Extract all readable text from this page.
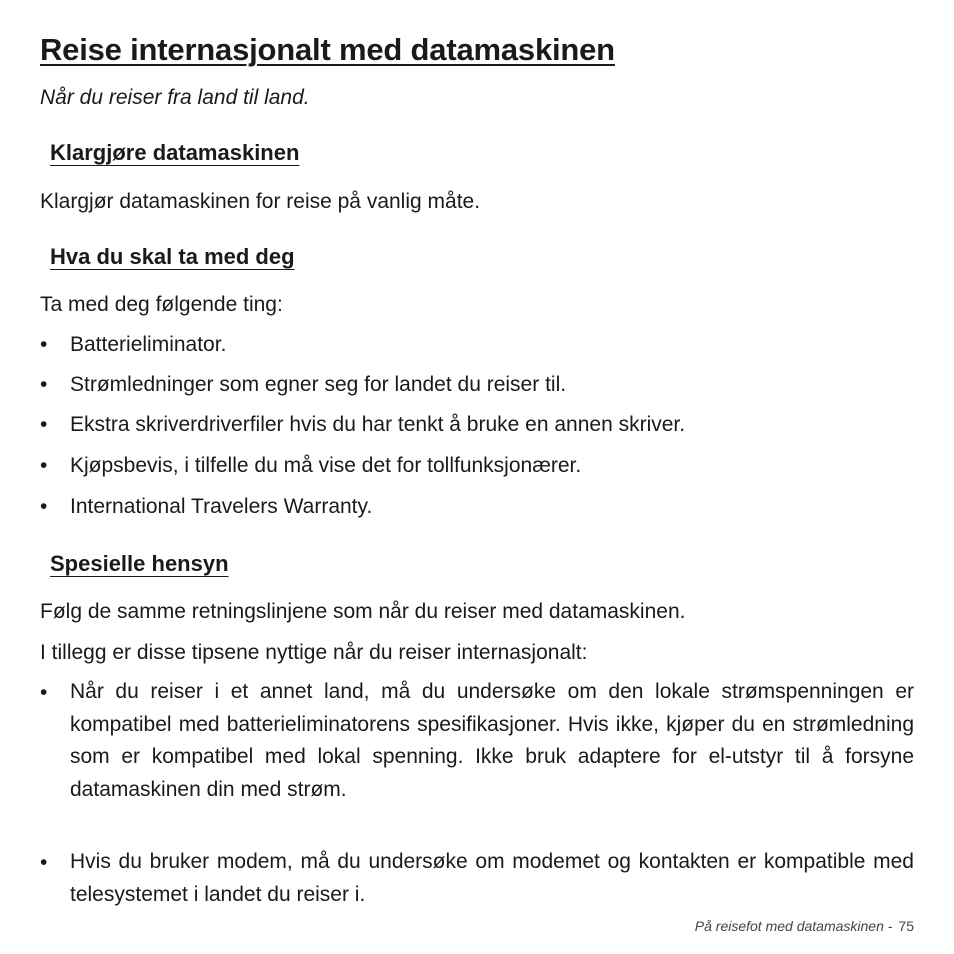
Reise internasjonalt med datamaskinen
Når du reiser fra land til land.
Klargjøre datamaskinen
Klargjør datamaskinen for reise på vanlig måte.
Hva du skal ta med deg
Ta med deg følgende ting:
• Batterieliminator.
• Strømledninger som egner seg for landet du reiser til.
• Ekstra skriverdriverfiler hvis du har tenkt å bruke en annen skriver.
• Kjøpsbevis, i tilfelle du må vise det for tollfunksjonærer.
• International Travelers Warranty.
Spesielle hensyn
Følg de samme retningslinjene som når du reiser med datamaskinen.
I tillegg er disse tipsene nyttige når du reiser internasjonalt:
• Når du reiser i et annet land, må du undersøke om den lokale strømspenningen er kompatibel med batterieliminatorens spesifikasjoner. Hvis ikke, kjøper du en strømledning som er kompatibel med lokal spenning. Ikke bruk adaptere for el-utstyr til å forsyne datamaskinen din med strøm.
• Hvis du bruker modem, må du undersøke om modemet og kontakten er kompatible med telesystemet i landet du reiser i.
På reisefot med datamaskinen - 75
